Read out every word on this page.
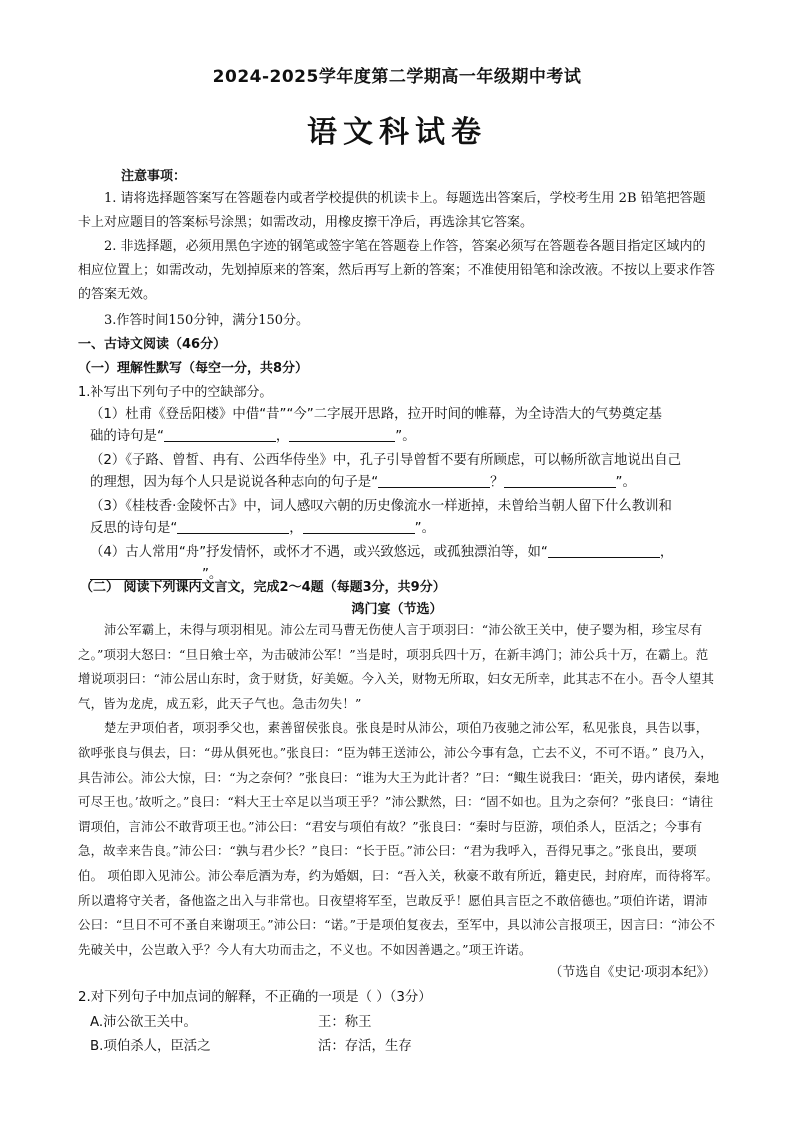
2024-2025学年度第二学期高一年级期中考试
语文科试卷
注意事项：

1. 请将选择题答案写在答题卷内或者学校提供的机读卡上。每题选出答案后，学校考生用 2B 铅笔把答题卡上对应题目的答案标号涂黑；如需改动，用橡皮擦干净后，再选涂其它答案。

2. 非选择题，必须用黑色字迹的钢笔或签字笔在答题卷上作答，答案必须写在答题卷各题目指定区域内的相应位置上；如需改动，先划掉原来的答案，然后再写上新的答案；不准使用铅笔和涂改液。不按以上要求作答的答案无效。

3.作答时间150分钟，满分150分。
一、古诗文阅读（46分）
（一）理解性默写（每空一分，共8分）
1.补写出下列句子中的空缺部分。
（1）杜甫《登岳阳楼》中借“昔”“今”二字展开思路，拉开时间的帷幕，为全诗浩大的气势奠定基
础的诗句是“	，	”。
（2）《子路、曾皙、冉有、公西华侍坐》中，孔子引导曾皙不要有所顾虑，可以畅所欲言地说出自己
的理想，因为每个人只是说说各种志向的句子是“	？	”。
（3）《桂枝香·金陵怀古》中，词人感叹六朝的历史像流水一样逝掉，未曾给当朝人留下什么教训和
反思的诗句是“	，	”。
（4）古人常用“舟”抒发情怀，或怀才不遇，或兴致悠远，或孤独漂泊等，如“	，
”。
（二） 阅读下列课内文言文，完成2～4题（每题3分，共9分）
鸿门宴（节选）

沛公军霸上，未得与项羽相见。沛公左司马曹无伤使人言于项羽曰：“沛公欲王关中，使子婴为相，珍宝尽有之。”项羽大怒曰：“旦日飨士卒，为击破沛公军！”当是时，项羽兵四十万，在新丰鸿门；沛公兵十万，在霸上。范增说项羽曰：“沛公居山东时，贪于财货，好美姬。今入关，财物无所取，妇女无所幸，此其志不在小。吾令人望其气，皆为龙虎，成五彩，此天子气也。急击勿失！”

楚左尹项伯者，项羽季父也，素善留侯张良。张良是时从沛公，项伯乃夜驰之沛公军，私见张良，具告以事，欲呼张良与俱去，曰：“毋从俱死也。”张良曰：“臣为韩王送沛公，沛公今事有急，亡去不义，不可不语。” 良乃入，具告沛公。沛公大惊，曰：“为之奈何？”张良曰：“谁为大王为此计者？”曰：“鲰生说我曰：‘距关，毋内诸侯，秦地可尽王也。’故听之。”良曰：“料大王士卒足以当项王乎？”沛公默然，曰：“固不如也。且为之奈何？”张良曰：“请往谓项伯，言沛公不敢背项王也。”沛公曰：“君安与项伯有故？”张良曰：“秦时与臣游，项伯杀人，臣活之；今事有急，故幸来告良。”沛公曰：“孰与君少长？”良曰：“长于臣。”沛公曰：“君为我呼入，吾得兄事之。”张良出，要项伯。 项伯即入见沛公。沛公奉卮酒为寿，约为婚姻，曰：“吾入关，秋豪不敢有所近，籍吏民，封府库，而待将军。所以遣将守关者，备他盗之出入与非常也。日夜望将军至，岂敢反乎！愿伯具言臣之不敢倍德也。”项伯许诺，谓沛公曰：“旦日不可不蚤自来谢项王。”沛公曰：“诺。”于是项伯复夜去，至军中，具以沛公言报项王，因言曰：“沛公不先破关中，公岂敢入乎？今人有大功而击之，不义也。不如因善遇之。”项王许诺。

（节选自《史记·项羽本纪》）
2.对下列句子中加点词的解释，不正确的一项是（ ）（3分）
A.沛公欲王关中。	王：称王
B.项伯杀人，臣活之	活：存活，生存
